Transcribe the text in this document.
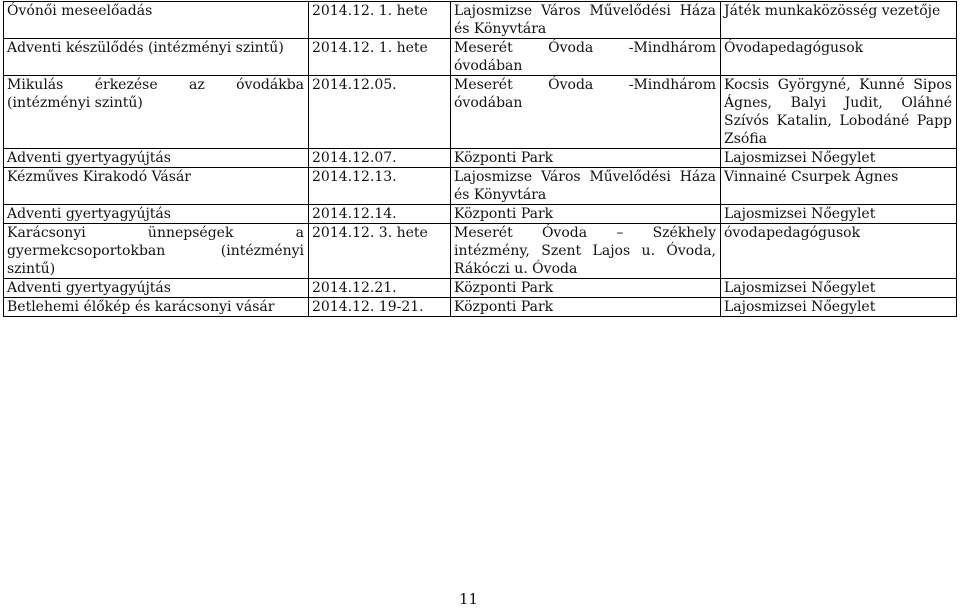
Óvónői meseelőadás	2014.12. 1. hete	Lajosmizse Város Művelődési Háza és Könyvtára	Játék munkaközösség vezetője
Adventi készülődés (intézményi szintű)	2014.12. 1. hete	Meserét Óvoda -Mindhárom óvodában	Óvodapedagógusok
Mikulás érkezése az óvodákba (intézményi szintű)	2014.12.05.	Meserét Óvoda -Mindhárom óvodában	Kocsis Györgyné, Kunné Sipos Ágnes, Balyi Judit, Oláhné Szívós Katalin, Lobodáné Papp Zsófia
Adventi gyertyagyújtás	2014.12.07.	Központi Park	Lajosmizsei Nőegylet
Kézműves Kirakodó Vásár	2014.12.13.	Lajosmizse Város Művelődési Háza és Könyvtára	Vinnainé Csurpek Ágnes
Adventi gyertyagyújtás	2014.12.14.	Központi Park	Lajosmizsei Nőegylet
Karácsonyi ünnepségek a gyermekcsoportokban (intézményi szintű)	2014.12. 3. hete	Meserét Óvoda – Székhely intézmény, Szent Lajos u. Óvoda, Rákóczi u. Óvoda	óvodapedagógusok
Adventi gyertyagyújtás	2014.12.21.	Központi Park	Lajosmizsei Nőegylet
Betlehemi élőkép és karácsonyi vásár	2014.12. 19-21.	Központi Park	Lajosmizsei Nőegylet
11
